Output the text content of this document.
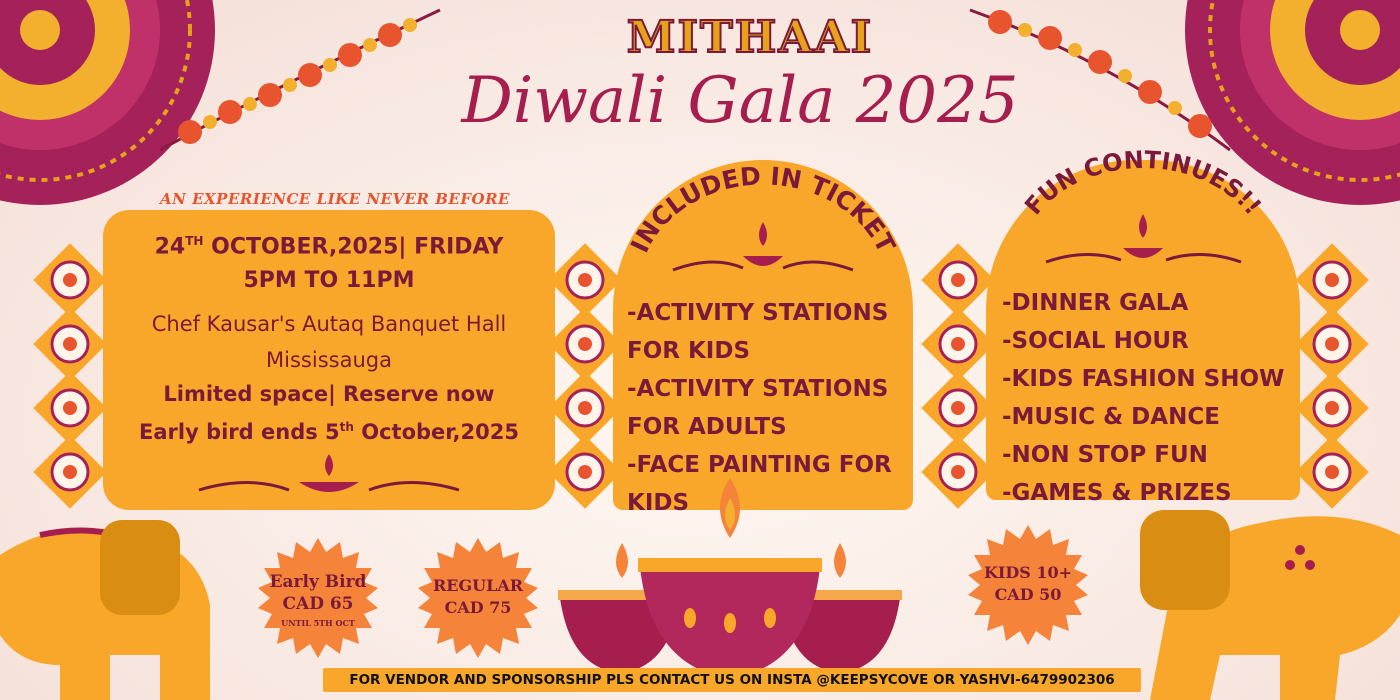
MITHAAI
Diwali Gala 2025
AN EXPERIENCE LIKE NEVER BEFORE
24TH OCTOBER,2025| FRIDAY
5PM TO 11PM
Chef Kausar's Autaq Banquet Hall
Mississauga
Limited space| Reserve now
Early bird ends 5th October,2025
INCLUDED IN TICKET
-ACTIVITY STATIONS
FOR KIDS
-ACTIVITY STATIONS
FOR ADULTS
-FACE PAINTING FOR
KIDS
FUN CONTINUES!!
-DINNER GALA
-SOCIAL HOUR
-KIDS FASHION SHOW
-MUSIC & DANCE
-NON STOP FUN
-GAMES & PRIZES
Early Bird
CAD 65
UNTIL 5TH OCT
REGULAR
CAD 75
KIDS 10+
CAD 50
FOR VENDOR AND SPONSORSHIP PLS CONTACT US ON INSTA @KEEPSYCOVE OR YASHVI-6479902306
